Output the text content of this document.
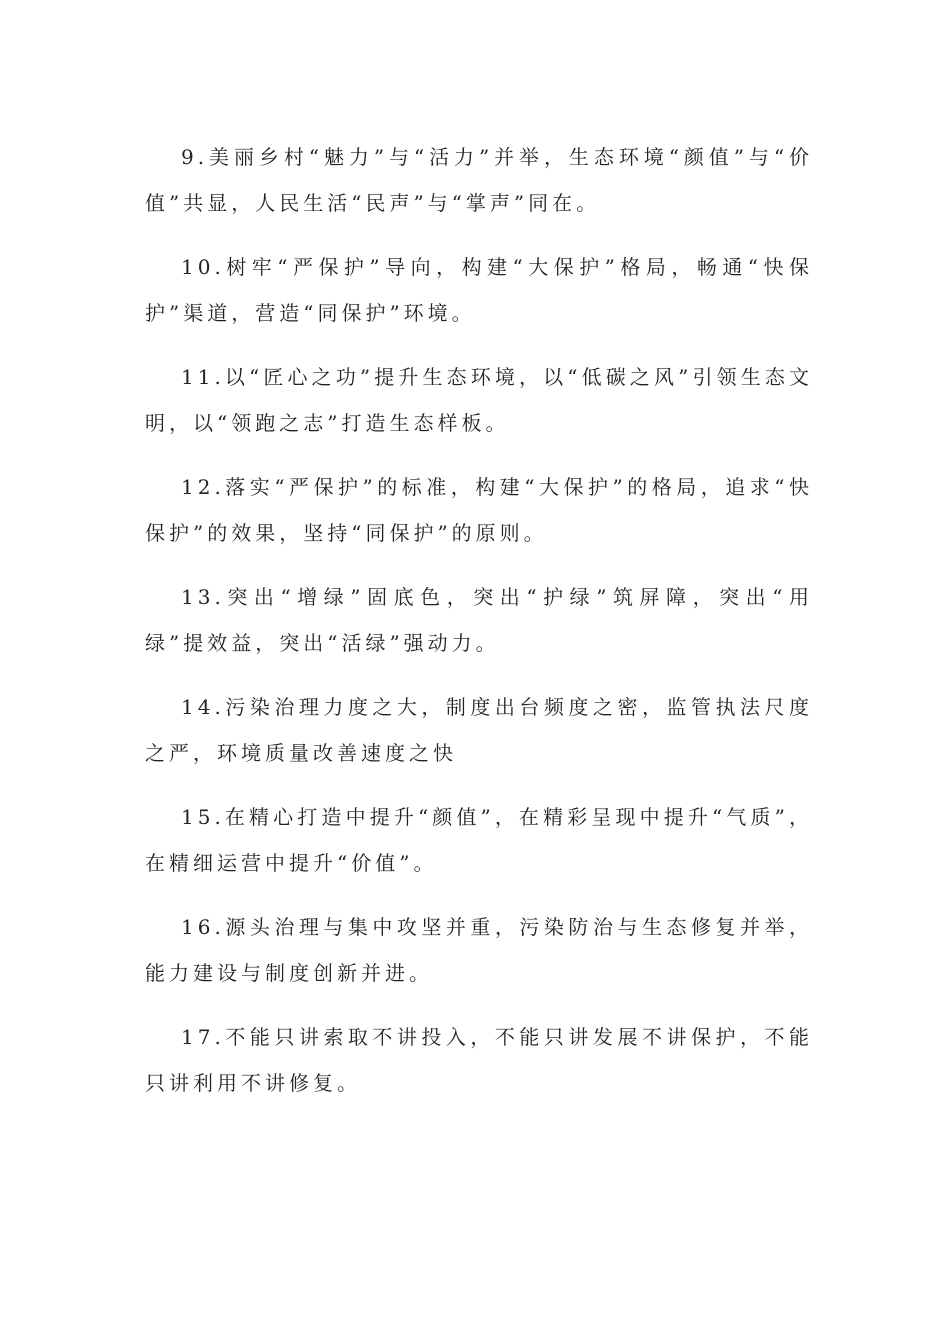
9.美丽乡村“魅力”与“活力”并举，生态环境“颜值”与“价值”共显，人民生活“民声”与“掌声”同在。

10.树牢“严保护”导向，构建“大保护”格局，畅通“快保护”渠道，营造“同保护”环境。

11.以“匠心之功”提升生态环境，以“低碳之风”引领生态文明，以“领跑之志”打造生态样板。

12.落实“严保护”的标准，构建“大保护”的格局，追求“快保护”的效果，坚持“同保护”的原则。

13.突出“增绿”固底色，突出“护绿”筑屏障，突出“用绿”提效益，突出“活绿”强动力。

14.污染治理力度之大，制度出台频度之密，监管执法尺度之严，环境质量改善速度之快

15.在精心打造中提升“颜值”，在精彩呈现中提升“气质”，在精细运营中提升“价值”。

16.源头治理与集中攻坚并重，污染防治与生态修复并举，能力建设与制度创新并进。

17.不能只讲索取不讲投入，不能只讲发展不讲保护，不能只讲利用不讲修复。
